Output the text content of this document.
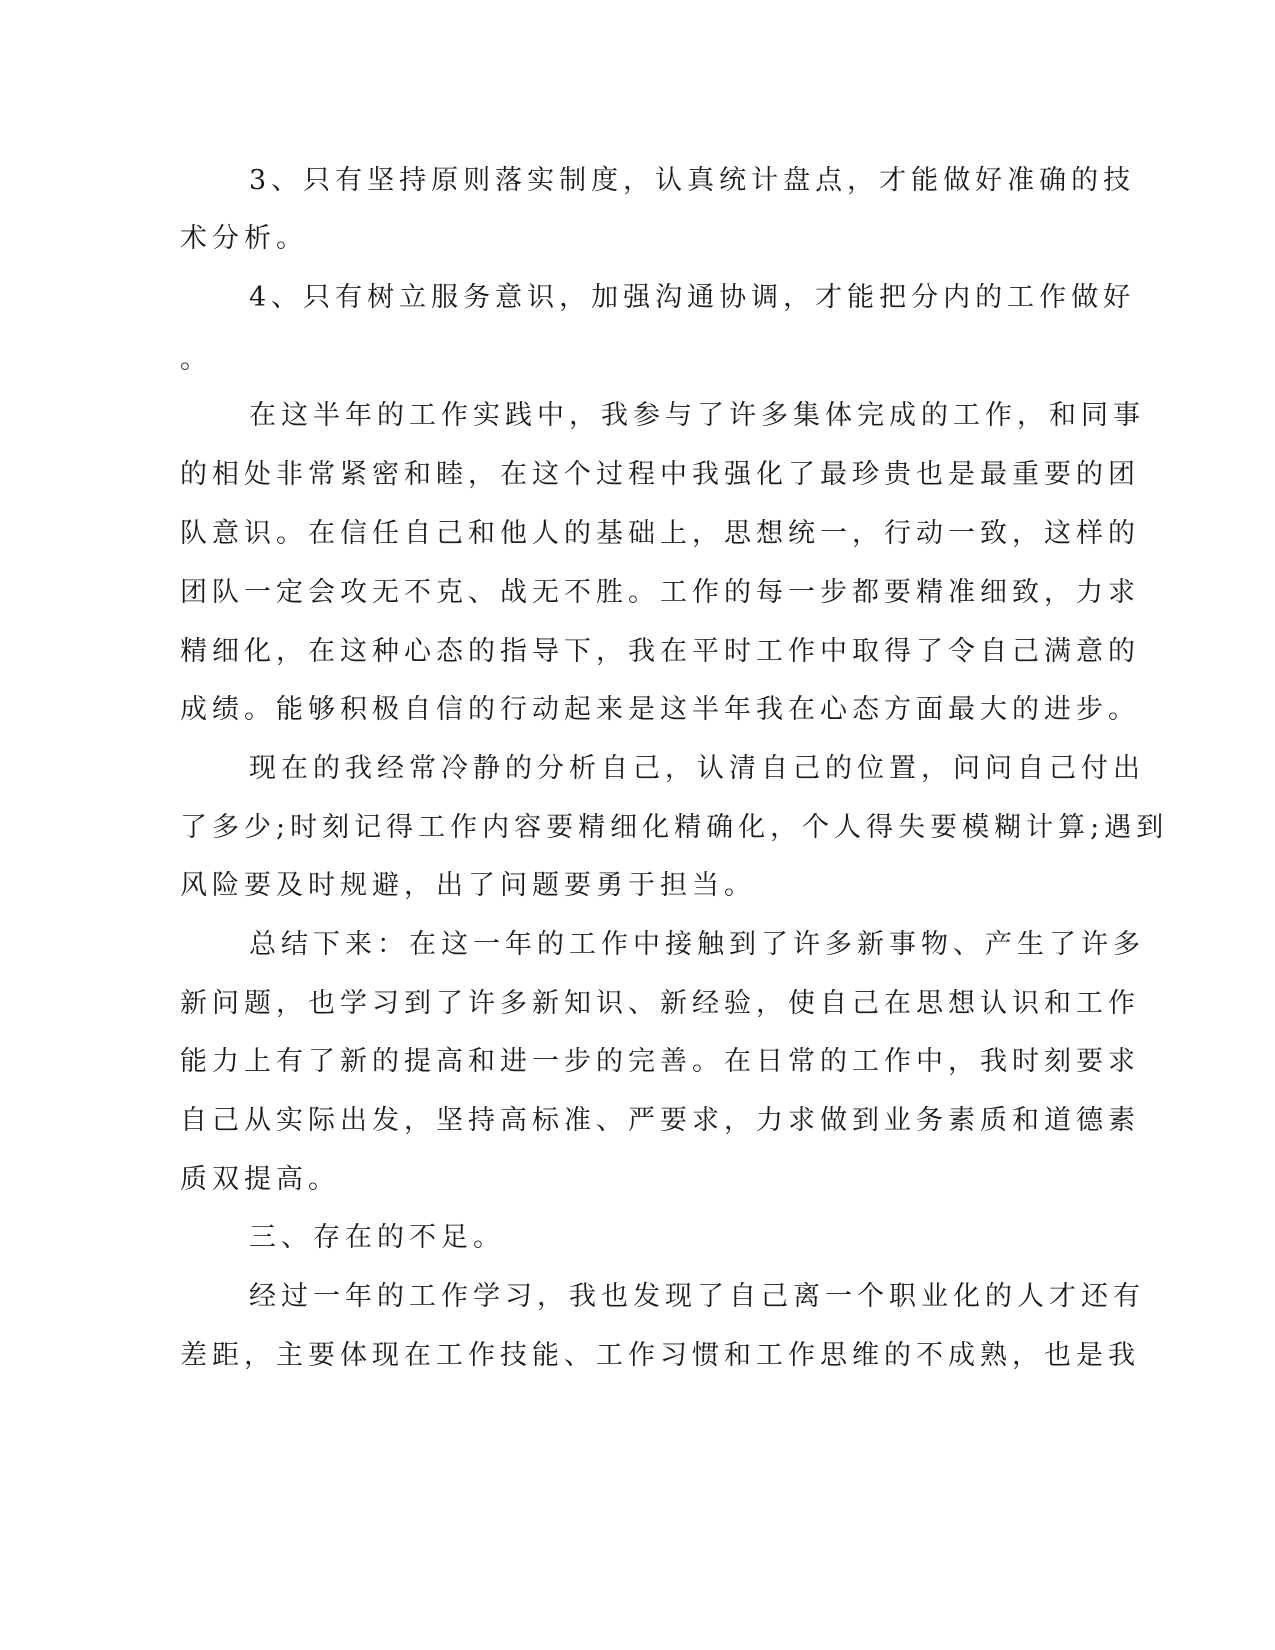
3、只有坚持原则落实制度，认真统计盘点，才能做好准确的技
术分析。
4、只有树立服务意识，加强沟通协调，才能把分内的工作做好
。
在这半年的工作实践中，我参与了许多集体完成的工作，和同事
的相处非常紧密和睦，在这个过程中我强化了最珍贵也是最重要的团
队意识。在信任自己和他人的基础上，思想统一，行动一致，这样的
团队一定会攻无不克、战无不胜。工作的每一步都要精准细致，力求
精细化，在这种心态的指导下，我在平时工作中取得了令自己满意的
成绩。能够积极自信的行动起来是这半年我在心态方面最大的进步。
现在的我经常冷静的分析自己，认清自己的位置，问问自己付出
了多少;时刻记得工作内容要精细化精确化，个人得失要模糊计算;遇到
风险要及时规避，出了问题要勇于担当。
总结下来：在这一年的工作中接触到了许多新事物、产生了许多
新问题，也学习到了许多新知识、新经验，使自己在思想认识和工作
能力上有了新的提高和进一步的完善。在日常的工作中，我时刻要求
自己从实际出发，坚持高标准、严要求，力求做到业务素质和道德素
质双提高。
三、存在的不足。
经过一年的工作学习，我也发现了自己离一个职业化的人才还有
差距，主要体现在工作技能、工作习惯和工作思维的不成熟，也是我
